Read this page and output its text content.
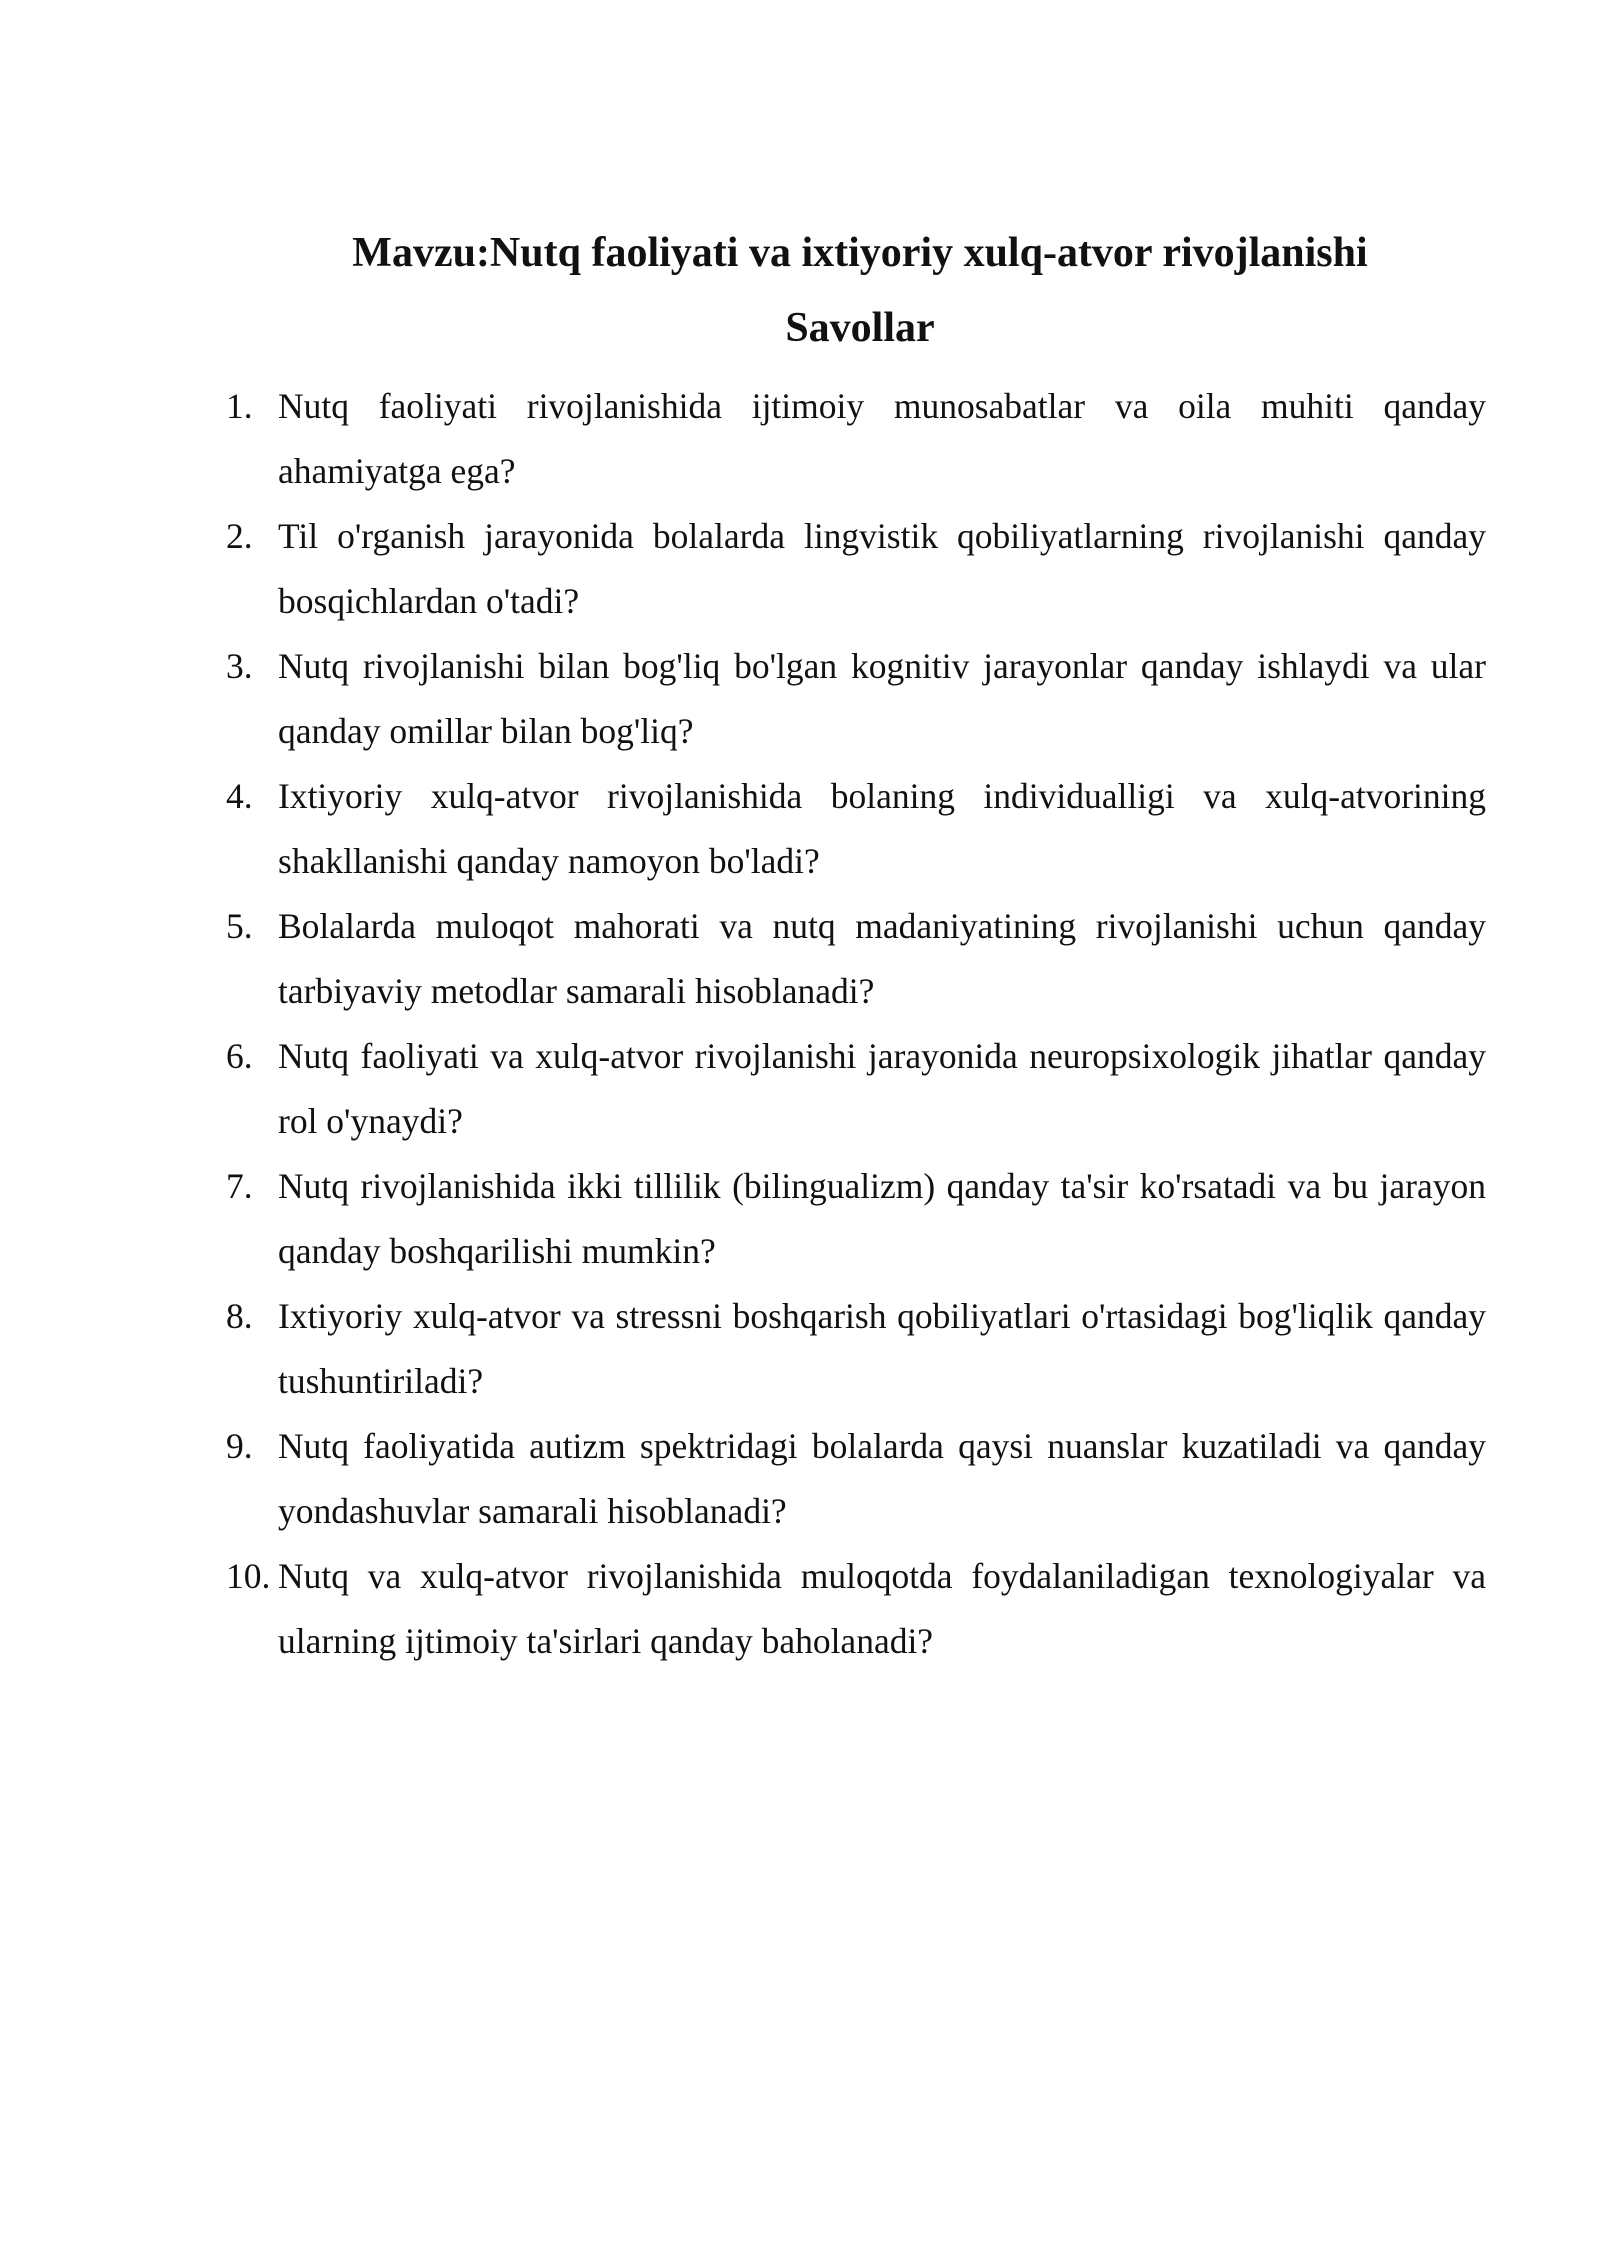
Mavzu:Nutq faoliyati va ixtiyoriy xulq-atvor rivojlanishi
Savollar
1. Nutq faoliyati rivojlanishida ijtimoiy munosabatlar va oila muhiti qanday ahamiyatga ega?
2. Til o'rganish jarayonida bolalarda lingvistik qobiliyatlarning rivojlanishi qanday bosqichlardan o'tadi?
3. Nutq rivojlanishi bilan bog'liq bo'lgan kognitiv jarayonlar qanday ishlaydi va ular qanday omillar bilan bog'liq?
4. Ixtiyoriy xulq-atvor rivojlanishida bolaning individualligi va xulq-atvorining shakllanishi qanday namoyon bo'ladi?
5. Bolalarda muloqot mahorati va nutq madaniyatining rivojlanishi uchun qanday tarbiyaviy metodlar samarali hisoblanadi?
6. Nutq faoliyati va xulq-atvor rivojlanishi jarayonida neuropsixologik jihatlar qanday rol o'ynaydi?
7. Nutq rivojlanishida ikki tillilik (bilingualizm) qanday ta'sir ko'rsatadi va bu jarayon qanday boshqarilishi mumkin?
8. Ixtiyoriy xulq-atvor va stressni boshqarish qobiliyatlari o'rtasidagi bog'liqlik qanday tushuntiriladi?
9. Nutq faoliyatida autizm spektridagi bolalarda qaysi nuanslar kuzatiladi va qanday yondashuvlar samarali hisoblanadi?
10. Nutq va xulq-atvor rivojlanishida muloqotda foydalaniladigan texnologiyalar va ularning ijtimoiy ta'sirlari qanday baholanadi?
